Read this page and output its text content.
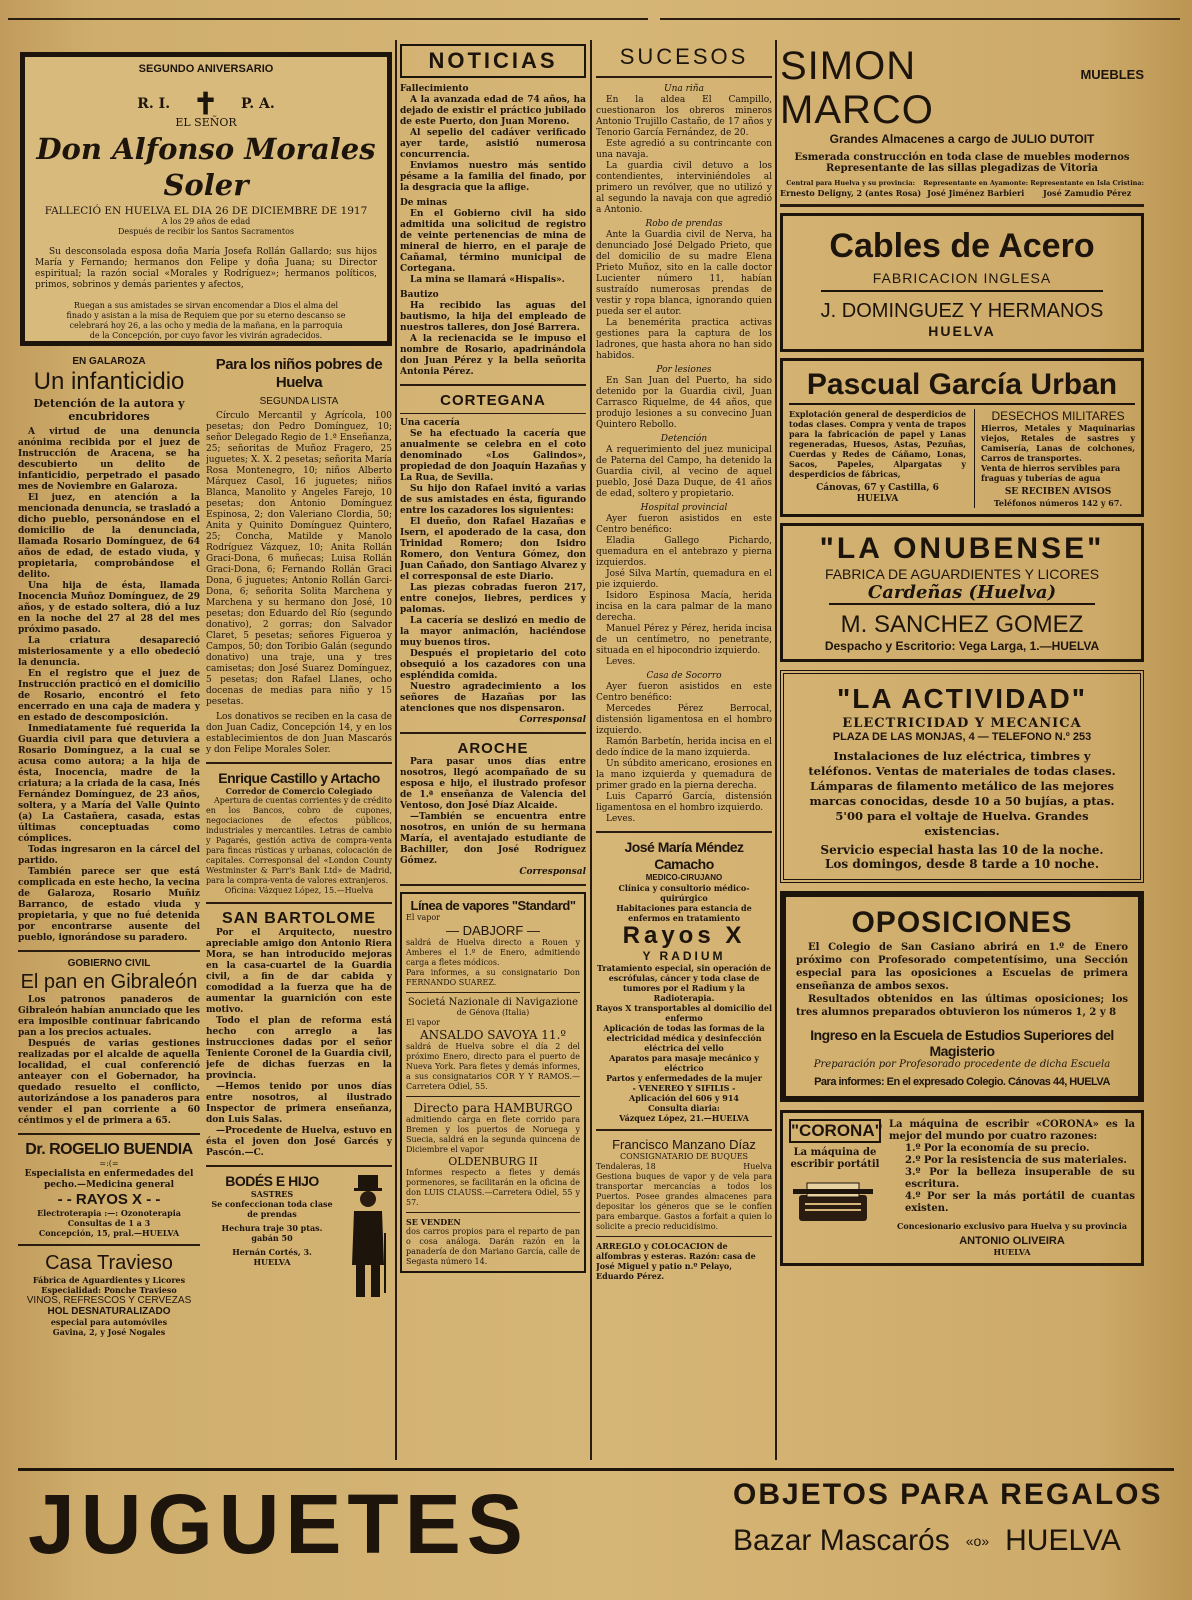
SEGUNDO ANIVERSARIO

R. I. ✝ P. A.

EL SEÑOR

Don Alfonso Morales Soler

FALLECIÓ EN HUELVA EL DIA 26 DE DICIEMBRE DE 1917

A los 29 años de edad

Después de recibir los Santos Sacramentos

Su desconsolada esposa doña María Josefa Rollán Gallardo; sus hijos María y Fernando; hermanos don Felipe y doña Juana; su Director espiritual; la razón social «Morales y Rodríguez»; hermanos políticos, primos, sobrinos y demás parientes y afectos,

Ruegan a sus amistades se sirvan encomendar a Dios el alma del finado y asistan a la misa de Requiem que por su eterno descanso se celebrará hoy 26, a las ocho y media de la mañana, en la parroquia de la Concepción, por cuyo favor les vivirán agradecidos.

EN GALAROZA

Un infanticidio

Detención de la autora y encubridores

A virtud de una denuncia anónima recibida por el juez de Instrucción de Aracena, se ha descubierto un delito de infanticidio, perpetrado el pasado mes de Noviembre en Galaroza.

El juez, en atención a la mencionada denuncia, se trasladó a dicho pueblo, personándose en el domicilio de la denunciada, llamada Rosario Domínguez, de 64 años de edad, de estado viuda, y propietaria, comprobándose el delito.

Una hija de ésta, llamada Inocencia Muñoz Domínguez, de 29 años, y de estado soltera, dió a luz en la noche del 27 al 28 del mes próximo pasado.

La criatura desapareció misteriosamente y a ello obedeció la denuncia.

En el registro que el juez de Instrucción practicó en el domicilio de Rosario, encontró el feto encerrado en una caja de madera y en estado de descomposición.

Inmediatamente fué requerida la Guardia civil para que detuviera a Rosario Domínguez, a la cual se acusa como autora; a la hija de ésta, Inocencia, madre de la criatura; a la criada de la casa, Inés Fernández Domínguez, de 23 años, soltera, y a María del Valle Quinto (a) La Castañera, casada, estas últimas conceptuadas como cómplices.

Todas ingresaron en la cárcel del partido.

También parece ser que está complicada en este hecho, la vecina de Galaroza, Rosario Muñiz Barranco, de estado viuda y propietaria, y que no fué detenida por encontrarse ausente del pueblo, ignorándose su paradero.

GOBIERNO CIVIL

El pan en Gibraleón

Los patronos panaderos de Gibraleón habían anunciado que les era imposible continuar fabricando pan a los precios actuales.

Después de varias gestiones realizadas por el alcalde de aquella localidad, el cual conferenció anteayer con el Gobernador, ha quedado resuelto el conflicto, autorizándose a los panaderos para vender el pan corriente a 60 céntimos y el de primera a 65.

Dr. ROGELIO BUENDIA

=:(=

Especialista en enfermedades del pecho.—Medicina general

- - RAYOS X - -

Electroterapia :—: Ozonoterapia

Consultas de 1 a 3

Concepción, 15, pral.—HUELVA

Casa Travieso

Fábrica de Aguardientes y Licores

Especialidad: Ponche Travieso

VINOS, REFRESCOS Y CERVEZAS

HOL DESNATURALIZADO

especial para automóviles

Gavina, 2, y José Nogales

Para los niños pobres de Huelva

SEGUNDA LISTA

Círculo Mercantil y Agrícola, 100 pesetas; don Pedro Domínguez, 10; señor Delegado Regio de 1.ª Enseñanza, 25; señoritas de Muñoz Fragero, 25 juguetes; X. X. 2 pesetas; señorita María Rosa Montenegro, 10; niños Alberto Márquez Casol, 16 juguetes; niños Blanca, Manolito y Angeles Farejo, 10 pesetas; don Antonio Domínguez Espinosa, 2; don Valeriano Clordia, 50; Anita y Quinito Domínguez Quintero, 25; Concha, Matilde y Manolo Rodríguez Vázquez, 10; Anita Rollán Graci-Dona, 6 muñecas; Luisa Rollán Graci-Dona, 6; Fernando Rollán Graci Dona, 6 juguetes; Antonio Rollán Garci-Dona, 6; señorita Solita Marchena y Marchena y su hermano don José, 10 pesetas; don Eduardo del Río (segundo donativo), 2 gorras; don Salvador Claret, 5 pesetas; señores Figueroa y Campos, 50; don Toribio Galán (segundo donativo) una traje, una y tres camisetas; don José Suarez Domínguez, 5 pesetas; don Rafael Llanes, ocho docenas de medias para niño y 15 pesetas.

Los donativos se reciben en la casa de don Juan Cadiz, Concepción 14, y en los establecimientos de don Juan Mascarós y don Felipe Morales Soler.

Enrique Castillo y Artacho

Corredor de Comercio Colegiado

Apertura de cuentas corrientes y de crédito en los Bancos, cobro de cupones, negociaciones de efectos públicos, industriales y mercantiles. Letras de cambio y Pagarés, gestión activa de compra-venta para fincas rústicas y urbanas, colocación de capitales. Corresponsal del «London County Westminster & Parr's Bank Ltd» de Madrid, para la compra-venta de valores extranjeros.

Oficina: Vázquez López, 15.—Huelva

SAN BARTOLOME

Por el Arquitecto, nuestro apreciable amigo don Antonio Riera Mora, se han introducido mejoras en la casa-cuartel de la Guardia civil, a fin de dar cabida y comodidad a la fuerza que ha de aumentar la guarnición con este motivo.

Todo el plan de reforma está hecho con arreglo a las instrucciones dadas por el señor Teniente Coronel de la Guardia civil, jefe de dichas fuerzas en la provincia.

—Hemos tenido por unos días entre nosotros, al ilustrado Inspector de primera enseñanza, don Luis Salas.

—Procedente de Huelva, estuvo en ésta el joven don José Garcés y Pascón.—C.

BODÉS E HIJO

SASTRES

Se confeccionan toda clase de prendas

Hechura traje 30 ptas.

gabán 50

Hernán Cortés, 3.

HUELVA

NOTICIAS

Fallecimiento

A la avanzada edad de 74 años, ha dejado de existir el práctico jubilado de este Puerto, don Juan Moreno.

Al sepelio del cadáver verificado ayer tarde, asistió numerosa concurrencia.

Enviamos nuestro más sentido pésame a la familia del finado, por la desgracia que la aflige.

De minas

En el Gobierno civil ha sido admitida una solicitud de registro de veinte pertenencias de mina de mineral de hierro, en el paraje de Cañamal, término municipal de Cortegana.

La mina se llamará «Hispalis».

Bautizo

Ha recibido las aguas del bautismo, la hija del empleado de nuestros talleres, don José Barrera.

A la recienacida se le impuso el nombre de Rosario, apadrinándola don Juan Pérez y la bella señorita Antonia Pérez.

CORTEGANA

Una cacería

Se ha efectuado la cacería que anualmente se celebra en el coto denominado «Los Galindos», propiedad de don Joaquín Hazañas y La Rua, de Sevilla.

Su hijo don Rafael invitó a varias de sus amistades en ésta, figurando entre los cazadores los siguientes:

El dueño, don Rafael Hazañas e Isern, el apoderado de la casa, don Trinidad Romero; don Isidro Romero, don Ventura Gómez, don Juan Cañado, don Santiago Alvarez y el corresponsal de este Diario.

Las piezas cobradas fueron 217, entre conejos, liebres, perdices y palomas.

La cacería se deslizó en medio de la mayor animación, haciéndose muy buenos tiros.

Después el propietario del coto obsequió a los cazadores con una espléndida comida.

Nuestro agradecimiento a los señores de Hazañas por las atenciones que nos dispensaron.

Corresponsal

AROCHE

Para pasar unos días entre nosotros, llegó acompañado de su esposa e hijo, el ilustrado profesor de 1.ª enseñanza de Valencia del Ventoso, don José Díaz Alcaide.

—También se encuentra entre nosotros, en unión de su hermana María, el aventajado estudiante de Bachiller, don José Rodríguez Gómez.

Corresponsal

Línea de vapores "Standard"

El vapor

— DABJORF —

saldrá de Huelva directo a Rouen y Amberes el 1.º de Enero, admitiendo carga a fletes módicos.

Para informes, a su consignatario Don FERNANDO SUAREZ.

Societá Nazionale di Navigazione

de Génova (Italia)

El vapor

ANSALDO SAVOYA 11.º

saldrá de Huelva sobre el día 2 del próximo Enero, directo para el puerto de Nueva York. Para fletes y demás informes, a sus consignatarios COR Y Y RAMOS.—Carretera Odiel, 55.

Directo para HAMBURGO

admitiendo carga en flete corrido para Bremen y los puertos de Noruega y Suecia, saldrá en la segunda quincena de Diciembre el vapor

OLDENBURG II

Informes respecto a fletes y demás pormenores, se facilitarán en la oficina de don LUIS CLAUSS.—Carretera Odiel, 55 y 57.

SE VENDEN

dos carros propios para el reparto de pan o cosa análoga. Darán razón en la panadería de don Mariano García, calle de Segasta número 14.

SUCESOS

Una riña

En la aldea El Campillo, cuestionaron los obreros mineros Antonio Trujillo Castaño, de 17 años y Tenorio García Fernández, de 20.

Este agredió a su contrincante con una navaja.

La guardia civil detuvo a los contendientes, interviniéndoles al primero un revólver, que no utilizó y al segundo la navaja con que agredió a Antonio.

Robo de prendas

Ante la Guardia civil de Nerva, ha denunciado José Delgado Prieto, que del domicilio de su madre Elena Prieto Muñoz, sito en la calle doctor Lucienter número 11, habían sustraído numerosas prendas de vestir y ropa blanca, ignorando quien pueda ser el autor.

La benemérita practica activas gestiones para la captura de los ladrones, que hasta ahora no han sido habidos.

Por lesiones

En San Juan del Puerto, ha sido detenido por la Guardia civil, Juan Carrasco Riquelme, de 44 años, que produjo lesiones a su convecino Juan Quintero Rebollo.

Detención

A requerimiento del juez municipal de Paterna del Campo, ha detenido la Guardia civil, al vecino de aquel pueblo, José Daza Duque, de 41 años de edad, soltero y propietario.

Hospital provincial

Ayer fueron asistidos en este Centro benéfico:

Eladia Gallego Pichardo, quemadura en el antebrazo y pierna izquierdos.

José Silva Martín, quemadura en el pie izquierdo.

Isidoro Espinosa Macía, herida incisa en la cara palmar de la mano derecha.

Manuel Pérez y Pérez, herida incisa de un centímetro, no penetrante, situada en el hipocondrio izquierdo.

Leves.

Casa de Socorro

Ayer fueron asistidos en este Centro benéfico:

Mercedes Pérez Berrocal, distensión ligamentosa en el hombro izquierdo.

Ramón Barbetín, herida incisa en el dedo índice de la mano izquierda.

Un súbdito americano, erosiones en la mano izquierda y quemadura de primer grado en la pierna derecha.

Luis Caparró García, distensión ligamentosa en el hombro izquierdo.

Leves.

José María Méndez Camacho

MEDICO-CIRUJANO

Clínica y consultorio médico-quirúrgico

Habitaciones para estancia de enfermos en tratamiento

Rayos X

Y RADIUM

Tratamiento especial, sin operación de escrófulas, cáncer y toda clase de tumores por el Radium y la Radioterapia.

Rayos X transportables al domicilio del enfermo

Aplicación de todas las formas de la electricidad médica y desinfección eléctrica del vello

Aparatos para masaje mecánico y eléctrico

Partos y enfermedades de la mujer

- VENEREO Y SIFILIS -

Aplicación del 606 y 914

Consulta diaria:

Vázquez López, 21.—HUELVA

Francisco Manzano Díaz

CONSIGNATARIO DE BUQUES

Tendaleras, 18	Huelva

Gestiona buques de vapor y de vela para transportar mercancías a todos los Puertos. Posee grandes almacenes para depositar los géneros que se le confíen para embarque. Gastos a forfait a quien lo solicite a precio reducidísimo.

ARREGLO y COLOCACION de alfombras y esteras. Razón: casa de José Miguel y patio n.º Pelayo, Eduardo Pérez.

SIMON MARCO
MUEBLES

Grandes Almacenes a cargo de JULIO DUTOIT

Esmerada construcción en toda clase de muebles modernos

Representante de las sillas plegadizas de Vitoria

Central para Huelva y su provincia:

Ernesto Deligny, 2 (antes Rosa)

Representante en Ayamonte:

José Jiménez Barbieri

Representante en Isla Cristina:

José Zamudio Pérez

Cables de Acero

FABRICACION INGLESA

J. DOMINGUEZ Y HERMANOS

HUELVA

Pascual García Urban

Explotación general de desperdicios de todas clases. Compra y venta de trapos para la fabricación de papel y Lanas regeneradas, Huesos, Astas, Pezuñas, Cuerdas y Redes de Cáñamo, Lonas, Sacos, Papeles, Alpargatas y desperdicios de fábricas,

Cánovas, 67 y Castilla, 6

HUELVA

DESECHOS MILITARES

Hierros, Metales y Maquinarias viejos, Retales de sastres y Camisería, Lanas de colchones, Carros de transportes.

Venta de hierros servibles para fraguas y tuberías de agua

SE RECIBEN AVISOS

Teléfonos números 142 y 67.

"LA ONUBENSE"

FABRICA DE AGUARDIENTES Y LICORES

Cardeñas (Huelva)

M. SANCHEZ GOMEZ

Despacho y Escritorio: Vega Larga, 1.—HUELVA

"LA ACTIVIDAD"

ELECTRICIDAD Y MECANICA

PLAZA DE LAS MONJAS, 4 — TELEFONO N.º 253

Instalaciones de luz eléctrica, timbres y teléfonos. Ventas de materiales de todas clases. Lámparas de filamento metálico de las mejores marcas conocidas, desde 10 a 50 bujías, a ptas. 5'00 para el voltaje de Huelva. Grandes existencias.

Servicio especial hasta las 10 de la noche.

Los domingos, desde 8 tarde a 10 noche.

OPOSICIONES

El Colegio de San Casiano abrirá en 1.º de Enero próximo con Profesorado competentísimo, una Sección especial para las oposiciones a Escuelas de primera enseñanza de ambos sexos.

Resultados obtenidos en las últimas oposiciones; los tres alumnos preparados obtuvieron los números 1, 2 y 8

Ingreso en la Escuela de Estudios Superiores del Magisterio

Preparación por Profesorado procedente de dicha Escuela

Para informes: En el expresado Colegio. Cánovas 44, HUELVA

"CORONA"

La máquina de escribir portátil

La máquina de escribir «CORONA» es la mejor del mundo por cuatro razones:

1.º Por la economía de su precio.

2.º Por la resistencia de sus materiales.

3.º Por la belleza insuperable de su escritura.

4.º Por ser la más portátil de cuantas existen.

Concesionario exclusivo para Huelva y su provincia

ANTONIO OLIVEIRA

HUELVA

JUGUETES	OBJETOS PARA REGALOS

Bazar Mascarós «o» HUELVA
